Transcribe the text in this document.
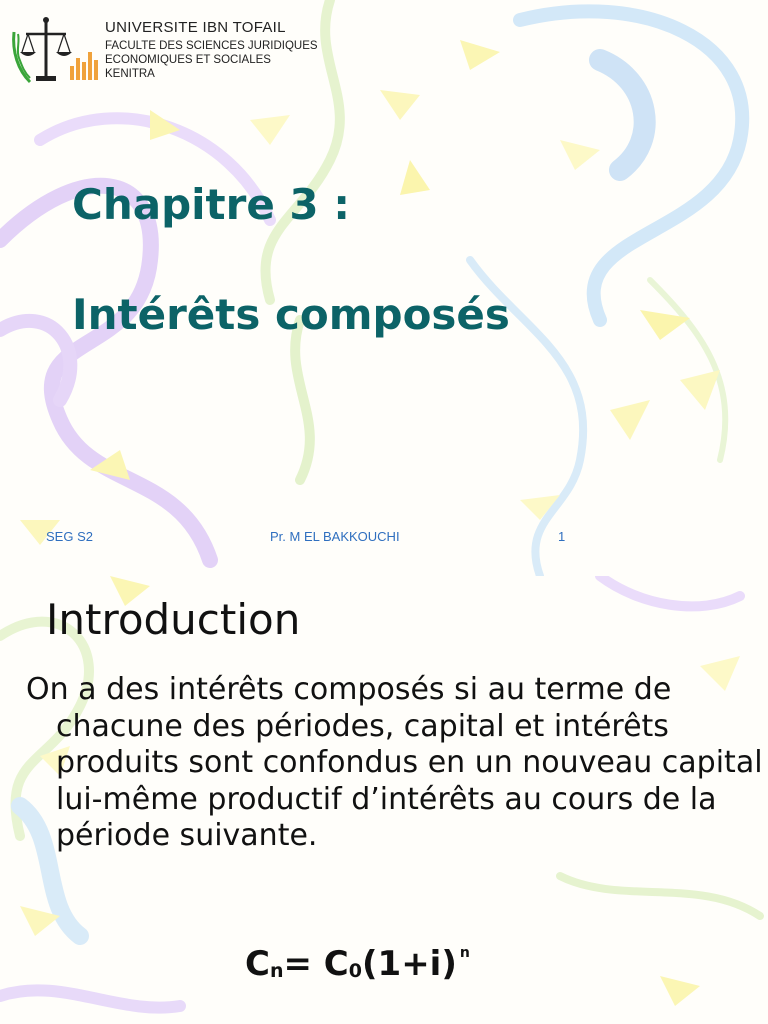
UNIVERSITE IBN TOFAIL
FACULTE DES SCIENCES JURIDIQUES
ECONOMIQUES ET SOCIALES
KENITRA
Chapitre 3 :
Intérêts composés
SEG S2	Pr. M EL BAKKOUCHI	1
Introduction
On a des intérêts composés si au terme de chacune des périodes, capital et intérêts produits sont confondus en un nouveau capital lui-même productif d’intérêts au cours de la période suivante.
Cn= C0(1+i) $^n$
